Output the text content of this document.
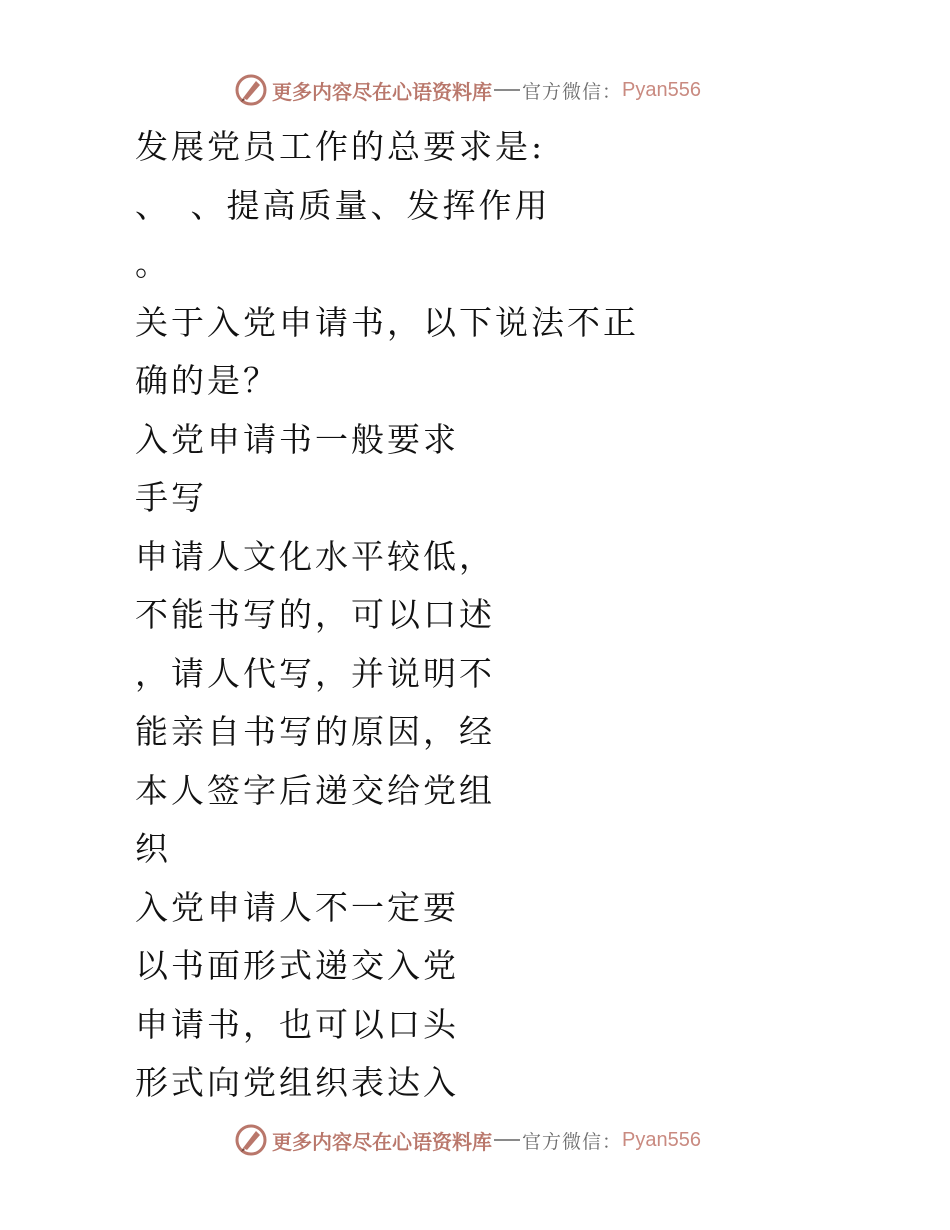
更多内容尽在心语资料库 官方微信： Pyan556
发展党员工作的总要求是:
、　、提高质量、发挥作用
。
关于入党申请书，以下说法不正
确的是？
入党申请书一般要求
手写
申请人文化水平较低，
不能书写的，可以口述
，请人代写，并说明不
能亲自书写的原因，经
本人签字后递交给党组
织
入党申请人不一定要
以书面形式递交入党
申请书，也可以口头
形式向党组织表达入
更多内容尽在心语资料库 官方微信： Pyan556
